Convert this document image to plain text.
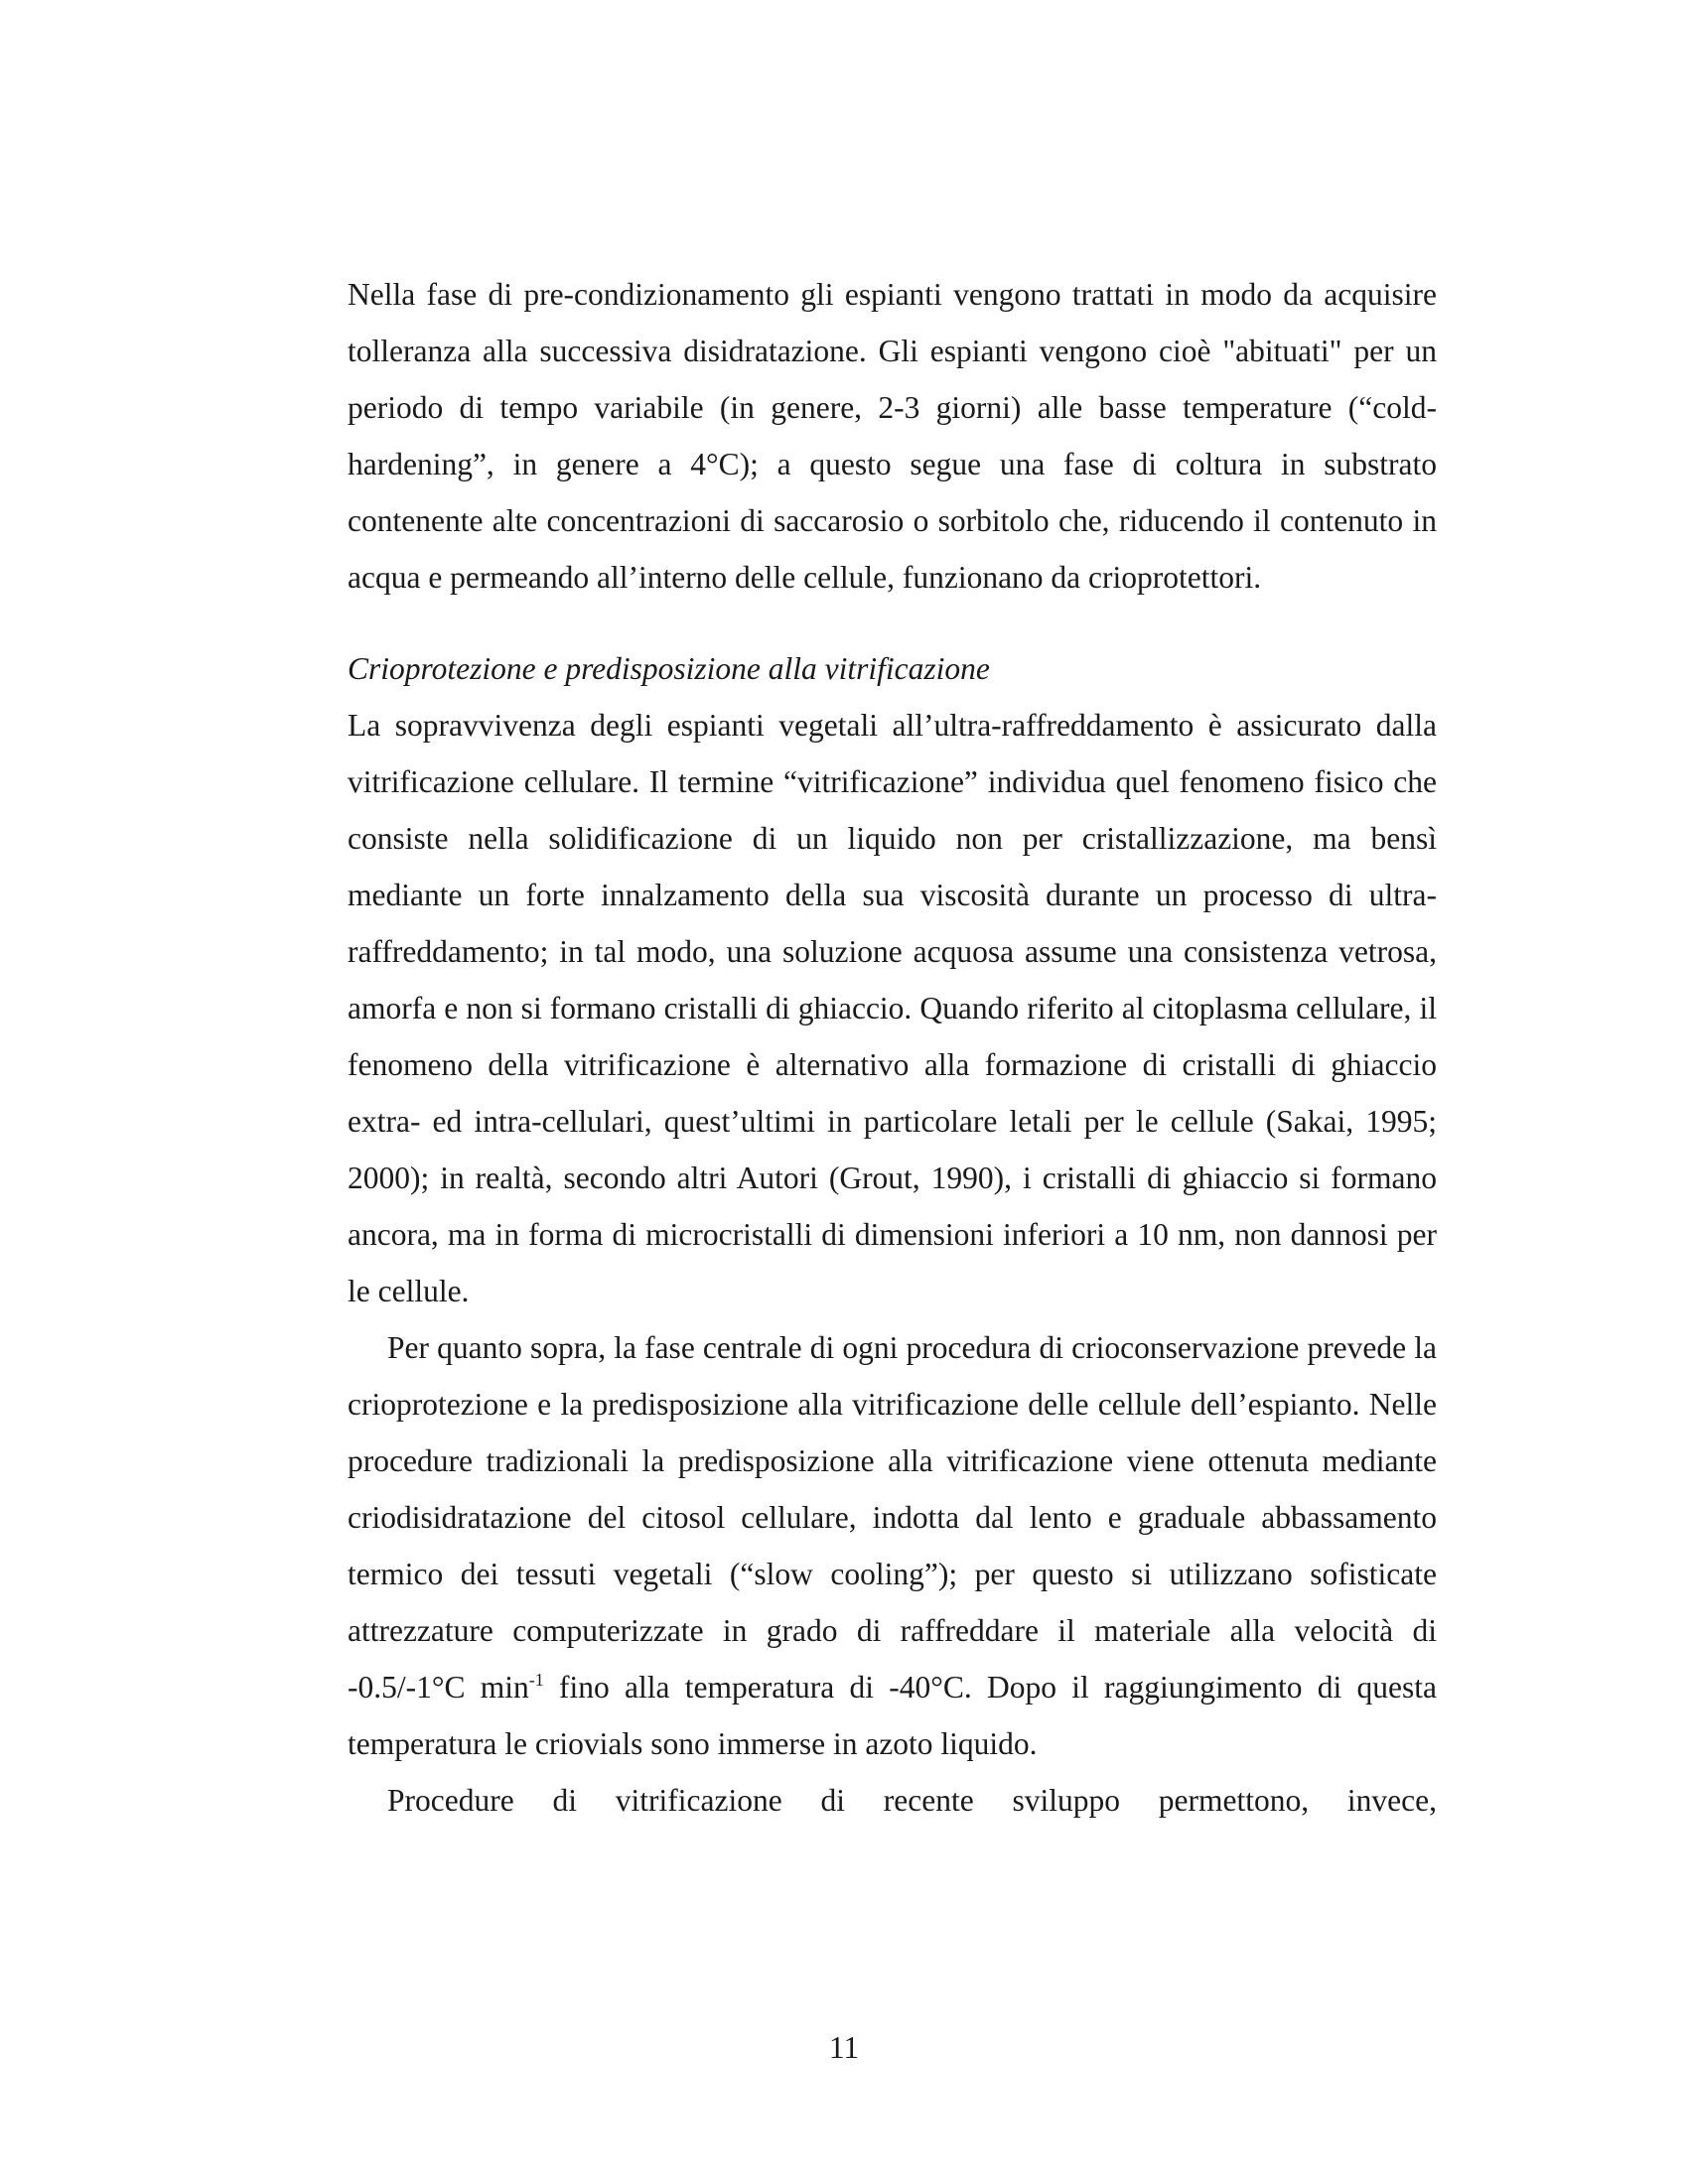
Nella fase di pre-condizionamento gli espianti vengono trattati in modo da acquisire tolleranza alla successiva disidratazione. Gli espianti vengono cioè "abituati" per un periodo di tempo variabile (in genere, 2-3 giorni) alle basse temperature (“cold-hardening”, in genere a 4°C); a questo segue una fase di coltura in substrato contenente alte concentrazioni di saccarosio o sorbitolo che, riducendo il contenuto in acqua e permeando all’interno delle cellule, funzionano da crioprotettori.

Crioprotezione e predisposizione alla vitrificazione

La sopravvivenza degli espianti vegetali all’ultra-raffreddamento è assicurato dalla vitrificazione cellulare. Il termine “vitrificazione” individua quel fenomeno fisico che consiste nella solidificazione di un liquido non per cristallizzazione, ma bensì mediante un forte innalzamento della sua viscosità durante un processo di ultra-raffreddamento; in tal modo, una soluzione acquosa assume una consistenza vetrosa, amorfa e non si formano cristalli di ghiaccio. Quando riferito al citoplasma cellulare, il fenomeno della vitrificazione è alternativo alla formazione di cristalli di ghiaccio extra- ed intra-cellulari, quest’ultimi in particolare letali per le cellule (Sakai, 1995; 2000); in realtà, secondo altri Autori (Grout, 1990), i cristalli di ghiaccio si formano ancora, ma in forma di microcristalli di dimensioni inferiori a 10 nm, non dannosi per le cellule.

Per quanto sopra, la fase centrale di ogni procedura di crioconservazione prevede la crioprotezione e la predisposizione alla vitrificazione delle cellule dell’espianto. Nelle procedure tradizionali la predisposizione alla vitrificazione viene ottenuta mediante criodisidratazione del citosol cellulare, indotta dal lento e graduale abbassamento termico dei tessuti vegetali (“slow cooling”); per questo si utilizzano sofisticate attrezzature computerizzate in grado di raffreddare il materiale alla velocità di -0.5/-1°C $\min^{-1}$ fino alla temperatura di -40°C. Dopo il raggiungimento di questa temperatura le criovials sono immerse in azoto liquido.

Procedure di vitrificazione di recente sviluppo permettono, invece,

11
